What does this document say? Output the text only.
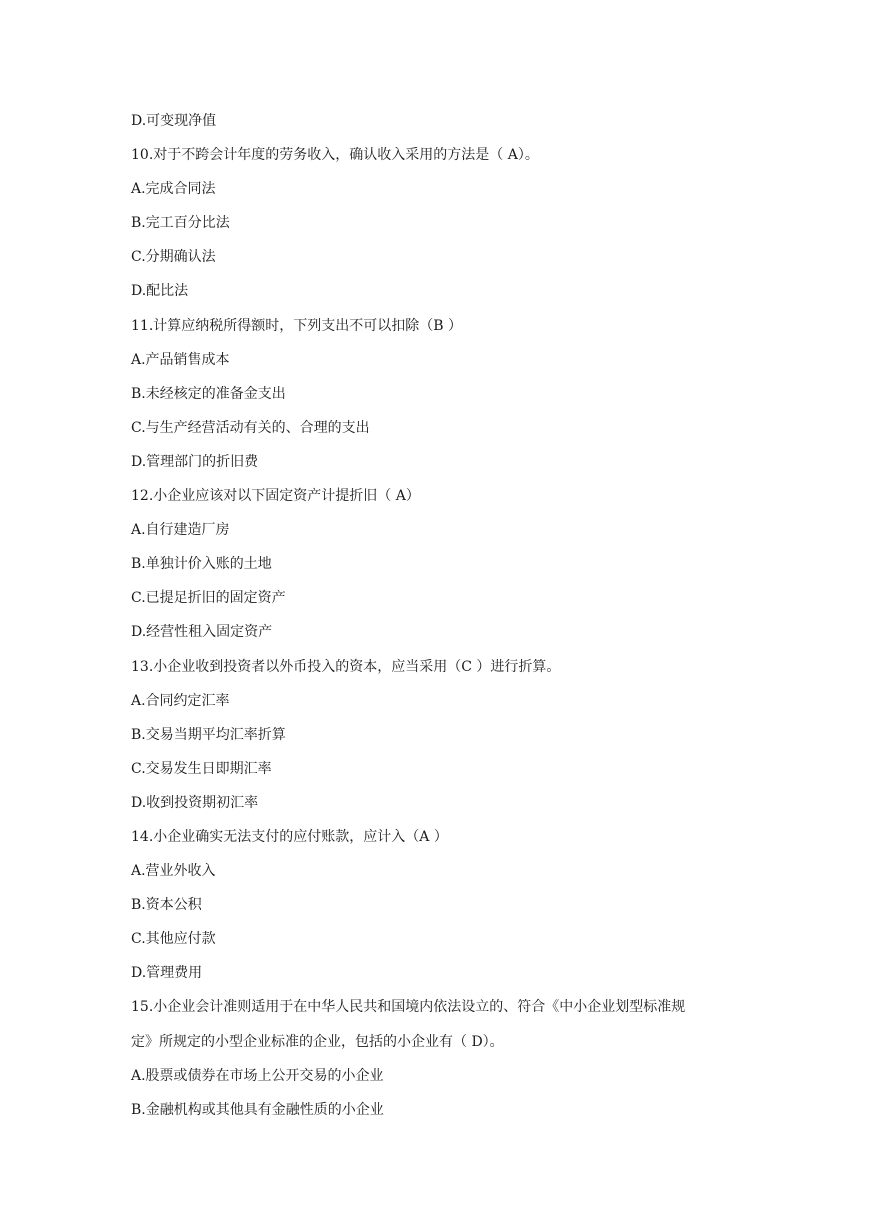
D.可变现净值
10.对于不跨会计年度的劳务收入，确认收入采用的方法是（ A）。
A.完成合同法
B.完工百分比法
C.分期确认法
D.配比法
11.计算应纳税所得额时，下列支出不可以扣除（B ）
A.产品销售成本
B.未经核定的准备金支出
C.与生产经营活动有关的、合理的支出
D.管理部门的折旧费
12.小企业应该对以下固定资产计提折旧（ A）
A.自行建造厂房
B.单独计价入账的土地
C.已提足折旧的固定资产
D.经营性租入固定资产
13.小企业收到投资者以外币投入的资本，应当采用（C ）进行折算。
A.合同约定汇率
B.交易当期平均汇率折算
C.交易发生日即期汇率
D.收到投资期初汇率
14.小企业确实无法支付的应付账款，应计入（A ）
A.营业外收入
B.资本公积
C.其他应付款
D.管理费用
15.小企业会计准则适用于在中华人民共和国境内依法设立的、符合《中小企业划型标准规
定》所规定的小型企业标准的企业，包括的小企业有（ D）。
A.股票或债券在市场上公开交易的小企业
B.金融机构或其他具有金融性质的小企业
